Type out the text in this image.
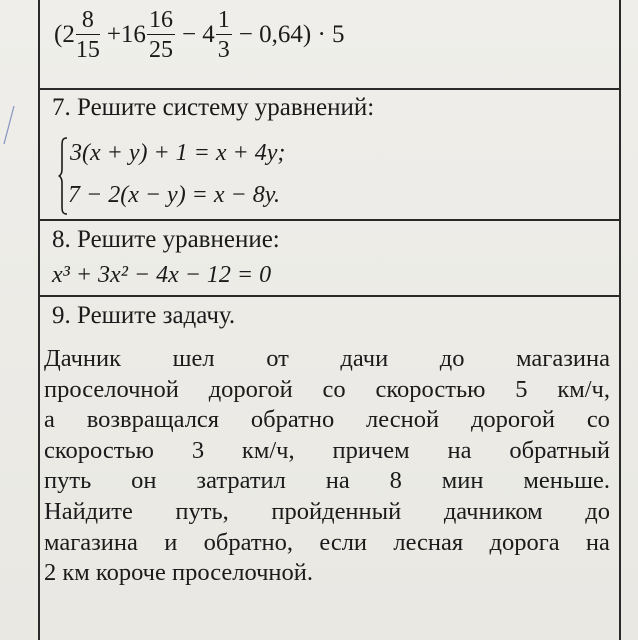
$(2 \frac{8}{15} +16 \frac{16}{25} - 4 \frac{1}{3} - 0,64) \cdot 5$
7. Решите систему уравнений:
3(x + y) + 1 = x + 4y;
7 − 2(x − y) = x − 8y.
8. Решите уравнение:
x³ + 3x² − 4x − 12 = 0
9. Решите задачу.
Дачник шел от дачи до магазина
проселочной дорогой со скоростью 5 км/ч,
а возвращался обратно лесной дорогой со
скоростью 3 км/ч, причем на обратный
путь он затратил на 8 мин меньше.
Найдите путь, пройденный дачником до
магазина и обратно, если лесная дорога на
2 км короче проселочной.
